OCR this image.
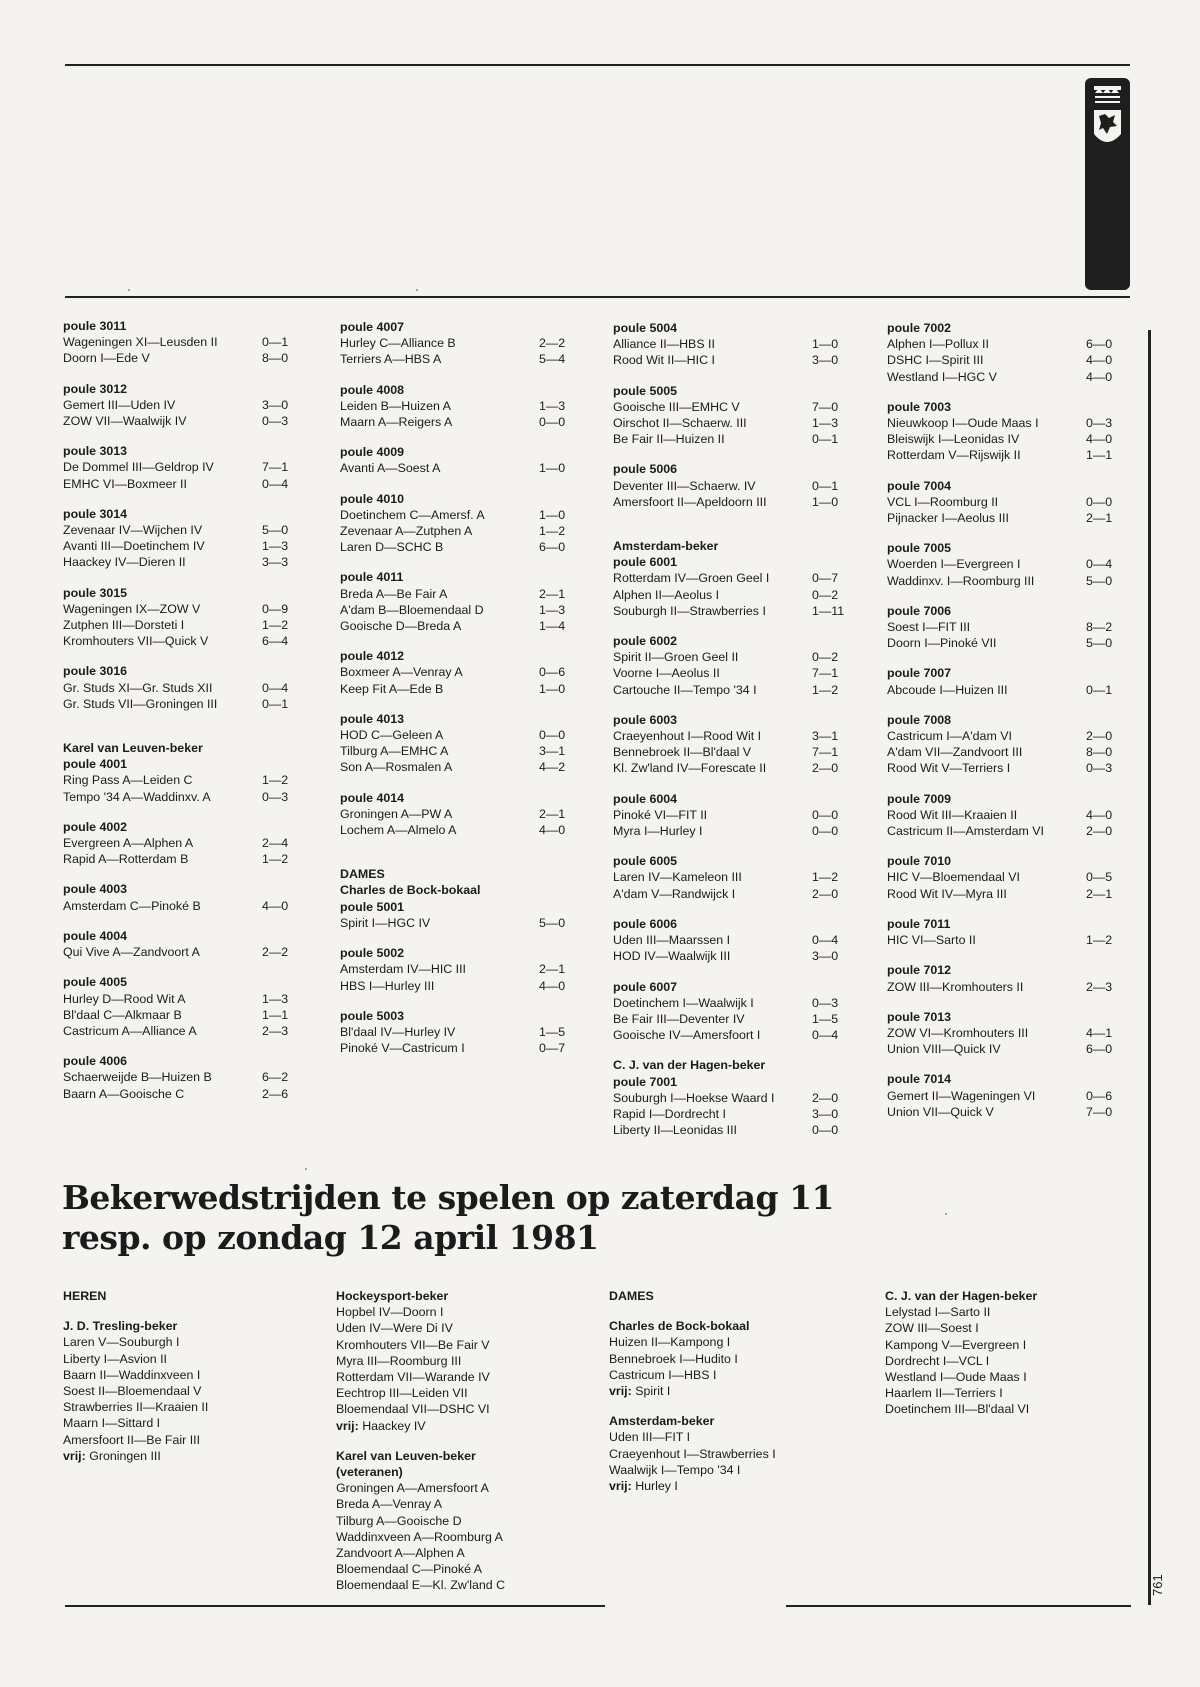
poule 3011
Wageningen XI—Leusden II	0—1
Doorn I—Ede V	8—0
poule 3012
Gemert III—Uden IV	3—0
ZOW VII—Waalwijk IV	0—3
poule 3013
De Dommel III—Geldrop IV	7—1
EMHC VI—Boxmeer II	0—4
poule 3014
Zevenaar IV—Wijchen IV	5—0
Avanti III—Doetinchem IV	1—3
Haackey IV—Dieren II	3—3
poule 3015
Wageningen IX—ZOW V	0—9
Zutphen III—Dorsteti I	1—2
Kromhouters VII—Quick V	6—4
poule 3016
Gr. Studs XI—Gr. Studs XII	0—4
Gr. Studs VII—Groningen III	0—1
Karel van Leuven-beker
poule 4001
Ring Pass A—Leiden C	1—2
Tempo '34 A—Waddinxv. A	0—3
poule 4002
Evergreen A—Alphen A	2—4
Rapid A—Rotterdam B	1—2
poule 4003
Amsterdam C—Pinoké B	4—0
poule 4004
Qui Vive A—Zandvoort A	2—2
poule 4005
Hurley D—Rood Wit A	1—3
Bl'daal C—Alkmaar B	1—1
Castricum A—Alliance A	2—3
poule 4006
Schaerweijde B—Huizen B	6—2
Baarn A—Gooische C	2—6
poule 4007
Hurley C—Alliance B	2—2
Terriers A—HBS A	5—4
poule 4008
Leiden B—Huizen A	1—3
Maarn A—Reigers A	0—0
poule 4009
Avanti A—Soest A	1—0
poule 4010
Doetinchem C—Amersf. A	1—0
Zevenaar A—Zutphen A	1—2
Laren D—SCHC B	6—0
poule 4011
Breda A—Be Fair A	2—1
A'dam B—Bloemendaal D	1—3
Gooische D—Breda A	1—4
poule 4012
Boxmeer A—Venray A	0—6
Keep Fit A—Ede B	1—0
poule 4013
HOD C—Geleen A	0—0
Tilburg A—EMHC A	3—1
Son A—Rosmalen A	4—2
poule 4014
Groningen A—PW A	2—1
Lochem A—Almelo A	4—0
DAMES
Charles de Bock-bokaal
poule 5001
Spirit I—HGC IV	5—0
poule 5002
Amsterdam IV—HIC III	2—1
HBS I—Hurley III	4—0
poule 5003
Bl'daal IV—Hurley IV	1—5
Pinoké V—Castricum I	0—7
poule 5004
Alliance II—HBS II	1—0
Rood Wit II—HIC I	3—0
poule 5005
Gooische III—EMHC V	7—0
Oirschot II—Schaerw. III	1—3
Be Fair II—Huizen II	0—1
poule 5006
Deventer III—Schaerw. IV	0—1
Amersfoort II—Apeldoorn III	1—0
Amsterdam-beker
poule 6001
Rotterdam IV—Groen Geel I	0—7
Alphen II—Aeolus I	0—2
Souburgh II—Strawberries I	1—11
poule 6002
Spirit II—Groen Geel II	0—2
Voorne I—Aeolus II	7—1
Cartouche II—Tempo '34 I	1—2
poule 6003
Craeyenhout I—Rood Wit I	3—1
Bennebroek II—Bl'daal V	7—1
Kl. Zw'land IV—Forescate II	2—0
poule 6004
Pinoké VI—FIT II	0—0
Myra I—Hurley I	0—0
poule 6005
Laren IV—Kameleon III	1—2
A'dam V—Randwijck I	2—0
poule 6006
Uden III—Maarssen I	0—4
HOD IV—Waalwijk III	3—0
poule 6007
Doetinchem I—Waalwijk I	0—3
Be Fair III—Deventer IV	1—5
Gooische IV—Amersfoort I	0—4
C. J. van der Hagen-beker
poule 7001
Souburgh I—Hoekse Waard I	2—0
Rapid I—Dordrecht I	3—0
Liberty II—Leonidas III	0—0
poule 7002
Alphen I—Pollux II	6—0
DSHC I—Spirit III	4—0
Westland I—HGC V	4—0
poule 7003
Nieuwkoop I—Oude Maas I	0—3
Bleiswijk I—Leonidas IV	4—0
Rotterdam V—Rijswijk II	1—1
poule 7004
VCL I—Roomburg II	0—0
Pijnacker I—Aeolus III	2—1
poule 7005
Woerden I—Evergreen I	0—4
Waddinxv. I—Roomburg III	5—0
poule 7006
Soest I—FIT III	8—2
Doorn I—Pinoké VII	5—0
poule 7007
Abcoude I—Huizen III	0—1
poule 7008
Castricum I—A'dam VI	2—0
A'dam VII—Zandvoort III	8—0
Rood Wit V—Terriers I	0—3
poule 7009
Rood Wit III—Kraaien II	4—0
Castricum II—Amsterdam VI	2—0
poule 7010
HIC V—Bloemendaal VI	0—5
Rood Wit IV—Myra III	2—1
poule 7011
HIC VI—Sarto II	1—2
poule 7012
ZOW III—Kromhouters II	2—3
poule 7013
ZOW VI—Kromhouters III	4—1
Union VIII—Quick IV	6—0
poule 7014
Gemert II—Wageningen VI	0—6
Union VII—Quick V	7—0
Bekerwedstrijden te spelen op zaterdag 11
resp. op zondag 12 april 1981
HEREN
J. D. Tresling-beker
Laren V—Souburgh I
Liberty I—Asvion II
Baarn II—Waddinxveen I
Soest II—Bloemendaal V
Strawberries II—Kraaien II
Maarn I—Sittard I
Amersfoort II—Be Fair III
vrij: Groningen III
Hockeysport-beker
Hopbel IV—Doorn I
Uden IV—Were Di IV
Kromhouters VII—Be Fair V
Myra III—Roomburg III
Rotterdam VII—Warande IV
Eechtrop III—Leiden VII
Bloemendaal VII—DSHC VI
vrij: Haackey IV
Karel van Leuven-beker
(veteranen)
Groningen A—Amersfoort A
Breda A—Venray A
Tilburg A—Gooische D
Waddinxveen A—Roomburg A
Zandvoort A—Alphen A
Bloemendaal C—Pinoké A
Bloemendaal E—Kl. Zw'land C
DAMES
Charles de Bock-bokaal
Huizen II—Kampong I
Bennebroek I—Hudito I
Castricum I—HBS I
vrij: Spirit I
Amsterdam-beker
Uden III—FIT I
Craeyenhout I—Strawberries I
Waalwijk I—Tempo '34 I
vrij: Hurley I
C. J. van der Hagen-beker
Lelystad I—Sarto II
ZOW III—Soest I
Kampong V—Evergreen I
Dordrecht I—VCL I
Westland I—Oude Maas I
Haarlem II—Terriers I
Doetinchem III—Bl'daal VI
761
